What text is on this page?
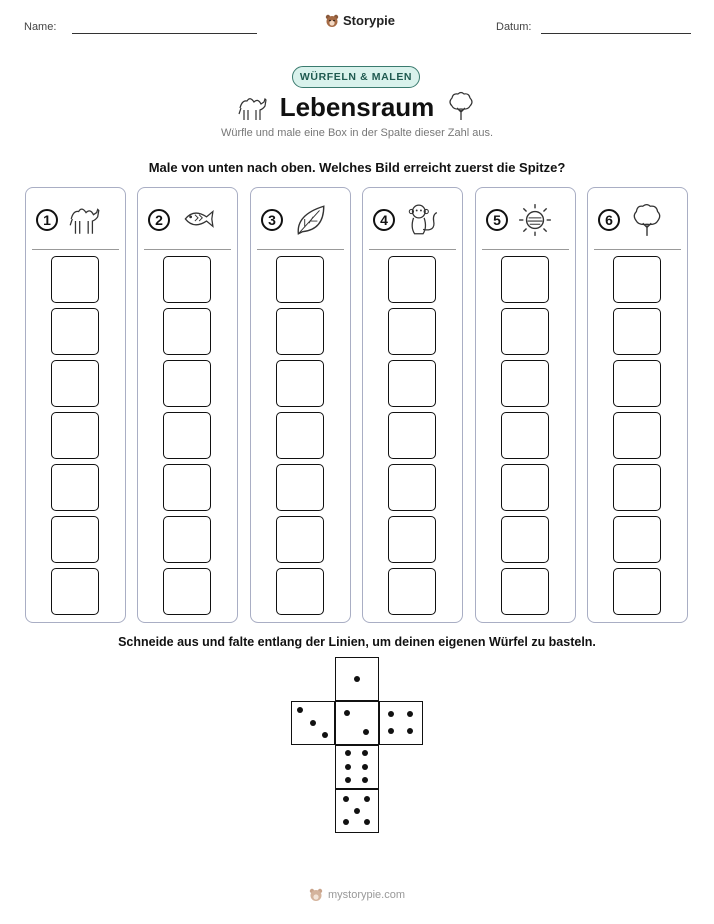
Name:	Storypie	Datum:
WÜRFELN & MALEN
Lebensraum
Würfle und male eine Box in der Spalte dieser Zahl aus.
Male von unten nach oben. Welches Bild erreicht zuerst die Spitze?
1	2	3	4	5	6
Schneide aus und falte entlang der Linien, um deinen eigenen Würfel zu basteln.
mystorypie.com
